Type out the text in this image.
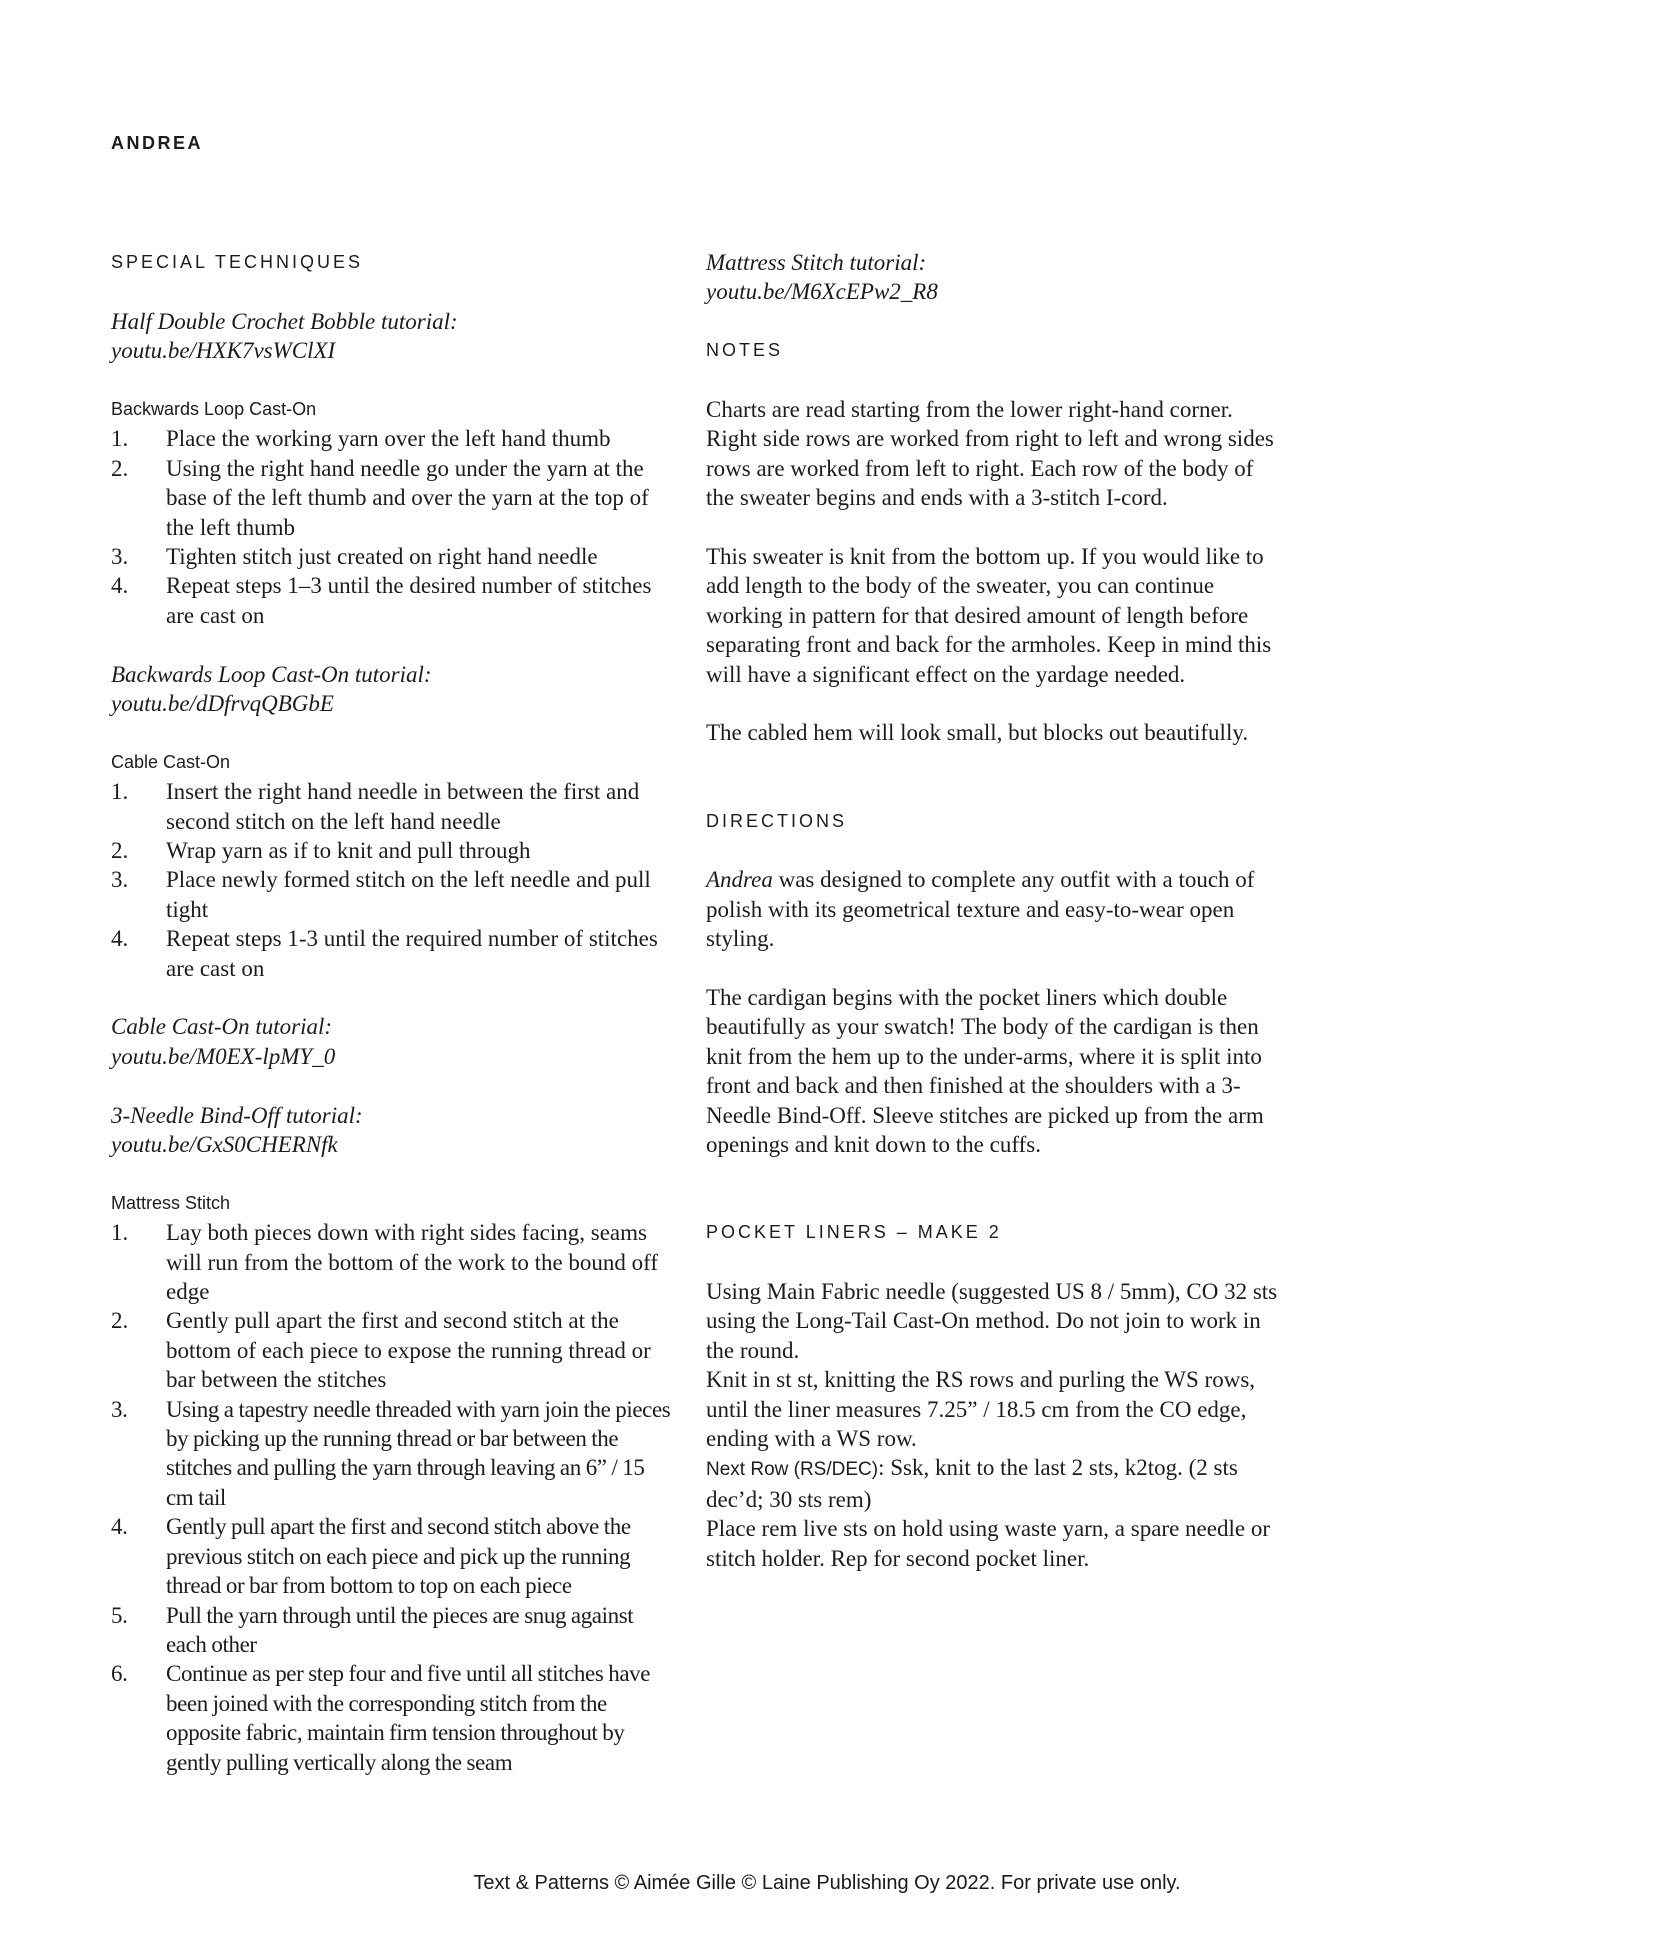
ANDREA
SPECIAL TECHNIQUES
Half Double Crochet Bobble tutorial:
youtu.be/HXK7vsWClXI
Backwards Loop Cast-On
1. Place the working yarn over the left hand thumb
2. Using the right hand needle go under the yarn at the base of the left thumb and over the yarn at the top of the left thumb
3. Tighten stitch just created on right hand needle
4. Repeat steps 1–3 until the desired number of stitches are cast on
Backwards Loop Cast-On tutorial:
youtu.be/dDfrvqQBGbE
Cable Cast-On
1. Insert the right hand needle in between the first and second stitch on the left hand needle
2. Wrap yarn as if to knit and pull through
3. Place newly formed stitch on the left needle and pull tight
4. Repeat steps 1-3 until the required number of stitches are cast on
Cable Cast-On tutorial:
youtu.be/M0EX-lpMY_0
3-Needle Bind-Off tutorial:
youtu.be/GxS0CHERNfk
Mattress Stitch
1. Lay both pieces down with right sides facing, seams will run from the bottom of the work to the bound off edge
2. Gently pull apart the first and second stitch at the bottom of each piece to expose the running thread or bar between the stitches
3. Using a tapestry needle threaded with yarn join the pieces by picking up the running thread or bar between the stitches and pulling the yarn through leaving an 6” / 15 cm tail
4. Gently pull apart the first and second stitch above the previous stitch on each piece and pick up the running thread or bar from bottom to top on each piece
5. Pull the yarn through until the pieces are snug against each other
6. Continue as per step four and five until all stitches have been joined with the corresponding stitch from the opposite fabric, maintain firm tension throughout by gently pulling vertically along the seam
Mattress Stitch tutorial:
youtu.be/M6XcEPw2_R8
NOTES
Charts are read starting from the lower right-hand corner. Right side rows are worked from right to left and wrong sides rows are worked from left to right. Each row of the body of the sweater begins and ends with a 3-stitch I-cord.
This sweater is knit from the bottom up. If you would like to add length to the body of the sweater, you can continue working in pattern for that desired amount of length before separating front and back for the armholes. Keep in mind this will have a significant effect on the yardage needed.
The cabled hem will look small, but blocks out beautifully.
DIRECTIONS
Andrea was designed to complete any outfit with a touch of polish with its geometrical texture and easy-to-wear open styling.
The cardigan begins with the pocket liners which double beautifully as your swatch! The body of the cardigan is then knit from the hem up to the under-arms, where it is split into front and back and then finished at the shoulders with a 3-Needle Bind-Off. Sleeve stitches are picked up from the arm openings and knit down to the cuffs.
POCKET LINERS – MAKE 2
Using Main Fabric needle (suggested US 8 / 5mm), CO 32 sts using the Long-Tail Cast-On method. Do not join to work in the round.
Knit in st st, knitting the RS rows and purling the WS rows, until the liner measures 7.25” / 18.5 cm from the CO edge, ending with a WS row.
Next Row (RS/DEC): Ssk, knit to the last 2 sts, k2tog. (2 sts dec’d; 30 sts rem)
Place rem live sts on hold using waste yarn, a spare needle or stitch holder. Rep for second pocket liner.
Text & Patterns © Aimée Gille © Laine Publishing Oy 2022. For private use only.
